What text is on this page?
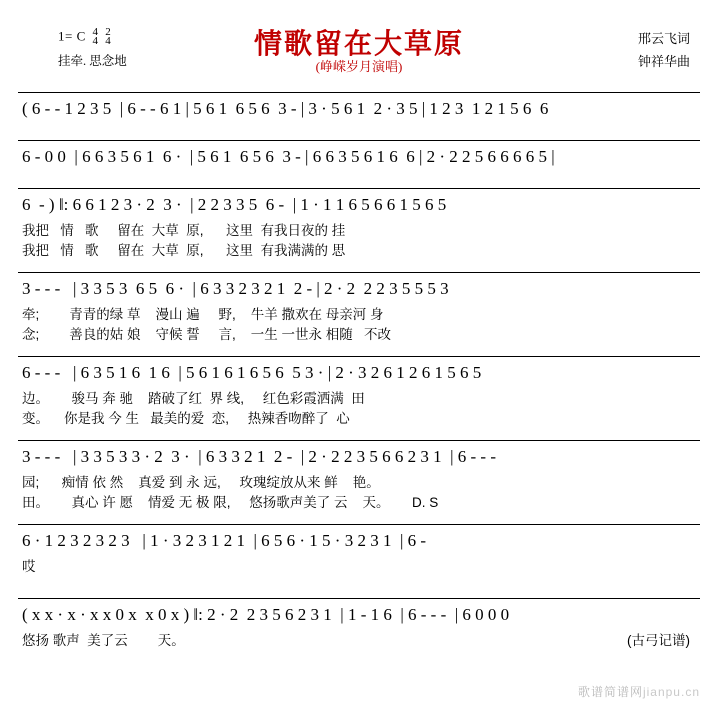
1= C 4
4

2
4
挂牵. 思念地
情歌留在大草原
(峥嵘岁月演唱)
邢云飞词
钟祥华曲
( 6 - - 1 2 3 5  | 6 - - 6 1 | 5 6 1  6 5 6  3 - | 3 · 5 6 1  2 · 3 5 | 1 2 3  1 2 1 5 6  6
6 - 0 0  | 6 6 3 5 6 1  6 ·  | 5 6 1  6 5 6  3 - | 6 6 3 5 6 1 6  6 | 2 · 2 2 5 6 6 6 6 5 |
6  - ) ‖: 6 6 1 2 3 · 2  3 ·  | 2 2 3 3 5  6 -  | 1 · 1 1 6 5 6 6 1 5 6 5
我把   情   歌     留在  大草  原,      这里  有我日夜的 挂
我把   情   歌     留在  大草  原,      这里  有我满满的 思
3 - - -   | 3 3 5 3  6 5  6 ·  | 6 3 3 2 3 2 1  2 - | 2 · 2  2 2 3 5 5 5 3
牵;        青青的绿 草    漫山 遍     野,    牛羊 撒欢在 母亲河 身
念;        善良的姑 娘    守候 誓     言,    一生 一世永 相随   不改
6 - - -   | 6 3 5 1 6  1 6  | 5 6 1 6 1 6 5 6  5 3 · | 2 · 3 2 6 1 2 6 1 5 6 5
边。      骏马 奔 驰    踏破了红  界 线,     红色彩霞洒满  田
变。    你是我 今 生   最美的爱  恋,     热辣香吻醉了  心
3 - - -   | 3 3 5 3 3 · 2  3 ·  | 6 3 3 2 1  2 -  | 2 · 2 2 3 5 6 6 2 3 1  | 6 - - -
园;      痴情 依 然    真爱 到 永 远,     玫瑰绽放从来 鲜    艳。
田。      真心 许 愿    情爱 无 极 限,     悠扬歌声美了 云    天。      D. S
6 · 1 2 3 2 3 2 3   | 1 · 3 2 3 1 2 1  | 6 5 6 · 1 5 · 3 2 3 1  | 6 -
哎
( x x · x · x x 0 x  x 0 x ) ‖: 2 · 2  2 3 5 6 2 3 1  | 1 - 1 6  | 6 - - -  | 6 0 0 0
悠扬 歌声  美了云        天。	(古弓记谱)
歌谱简谱网jianpu.cn
